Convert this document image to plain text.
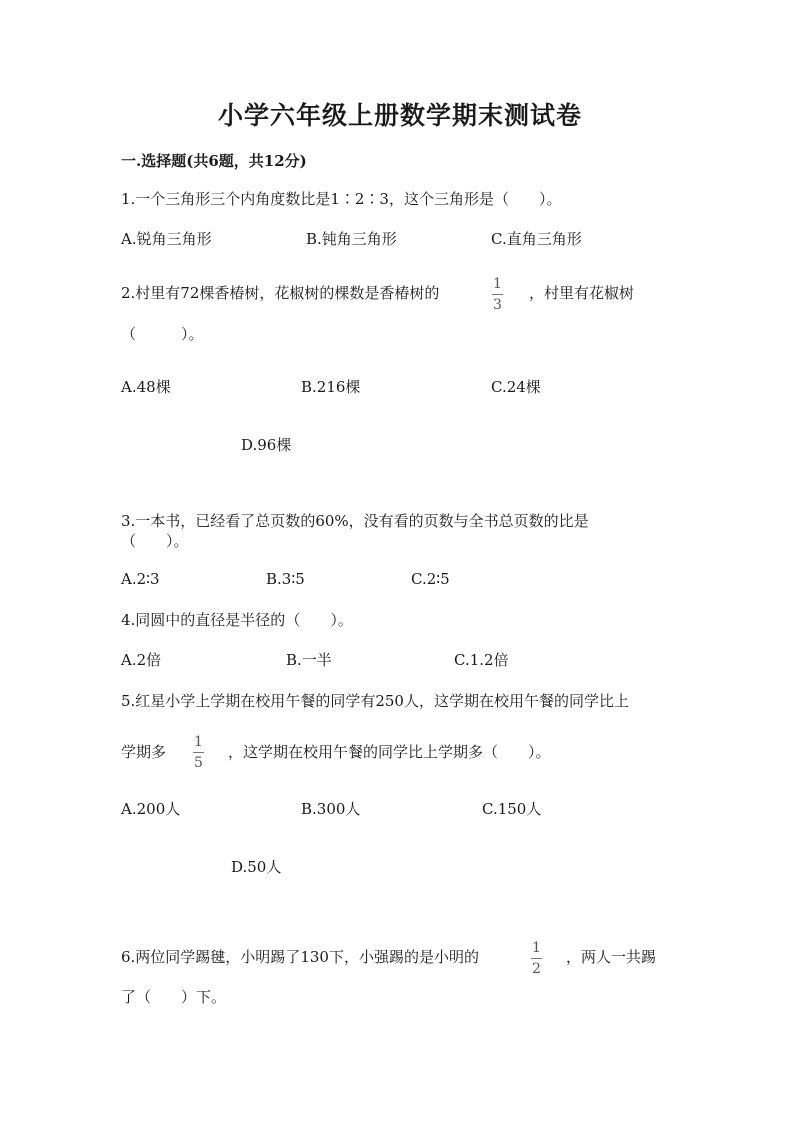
小学六年级上册数学期末测试卷
一.选择题(共6题，共12分)
1.一个三角形三个内角度数比是1∶2∶3，这个三角形是（　　）。
A.锐角三角形	B.钝角三角形	C.直角三角形
2.村里有72棵香椿树，花椒树的棵数是香椿树的	1
3
，村里有花椒树
（　　　）。
A.48棵	B.216棵	C.24棵
D.96棵
3.一本书，已经看了总页数的60%，没有看的页数与全书总页数的比是
（　　）。
A.2∶3	B.3∶5	C.2∶5
4.同圆中的直径是半径的（　　）。
A.2倍	B.一半	C.1.2倍
5.红星小学上学期在校用午餐的同学有250人，这学期在校用午餐的同学比上
学期多
1
5
，这学期在校用午餐的同学比上学期多（　　）。
A.200人	B.300人	C.150人
D.50人
6.两位同学踢毽，小明踢了130下，小强踢的是小明的	1
2
，两人一共踢
了（　　）下。
